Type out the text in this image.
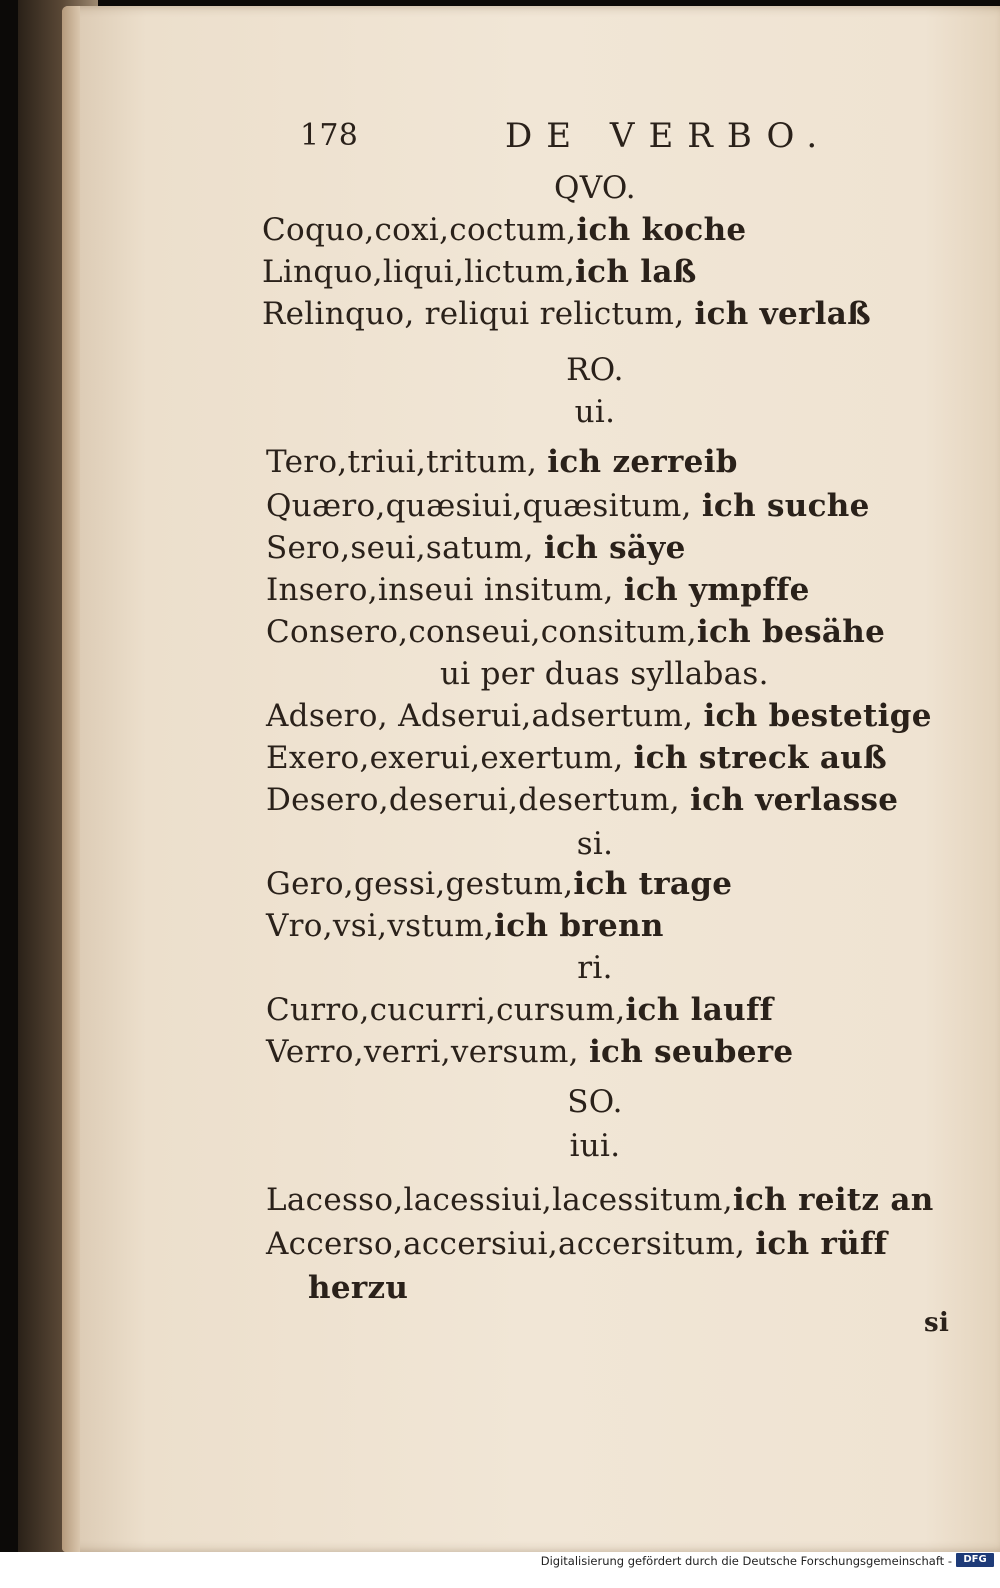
178	DE VERBO.
QVO.
Coquo,coxi,coctum,ich koche
Linquo,liqui,lictum,ich laß
Relinquo, reliqui relictum, ich verlaß
RO.
ui.
Tero,triui,tritum, ich zerreib
Quæro,quæsiui,quæsitum, ich suche
Sero,seui,satum, ich säye
Insero,inseui insitum, ich ympffe
Consero,conseui,consitum,ich besähe
ui per duas syllabas.
Adsero, Adserui,adsertum, ich bestetige
Exero,exerui,exertum, ich streck auß
Desero,deserui,desertum, ich verlasse
si.
Gero,gessi,gestum,ich trage
Vro,vsi,vstum,ich brenn
ri.
Curro,cucurri,cursum,ich lauff
Verro,verri,versum, ich seubere
SO.
iui.
Lacesso,lacessiui,lacessitum,ich reitz an
Accerso,accersiui,accersitum, ich rüff
herzu
si
Digitalisierung gefördert durch die Deutsche Forschungsgemeinschaft -	DFG
